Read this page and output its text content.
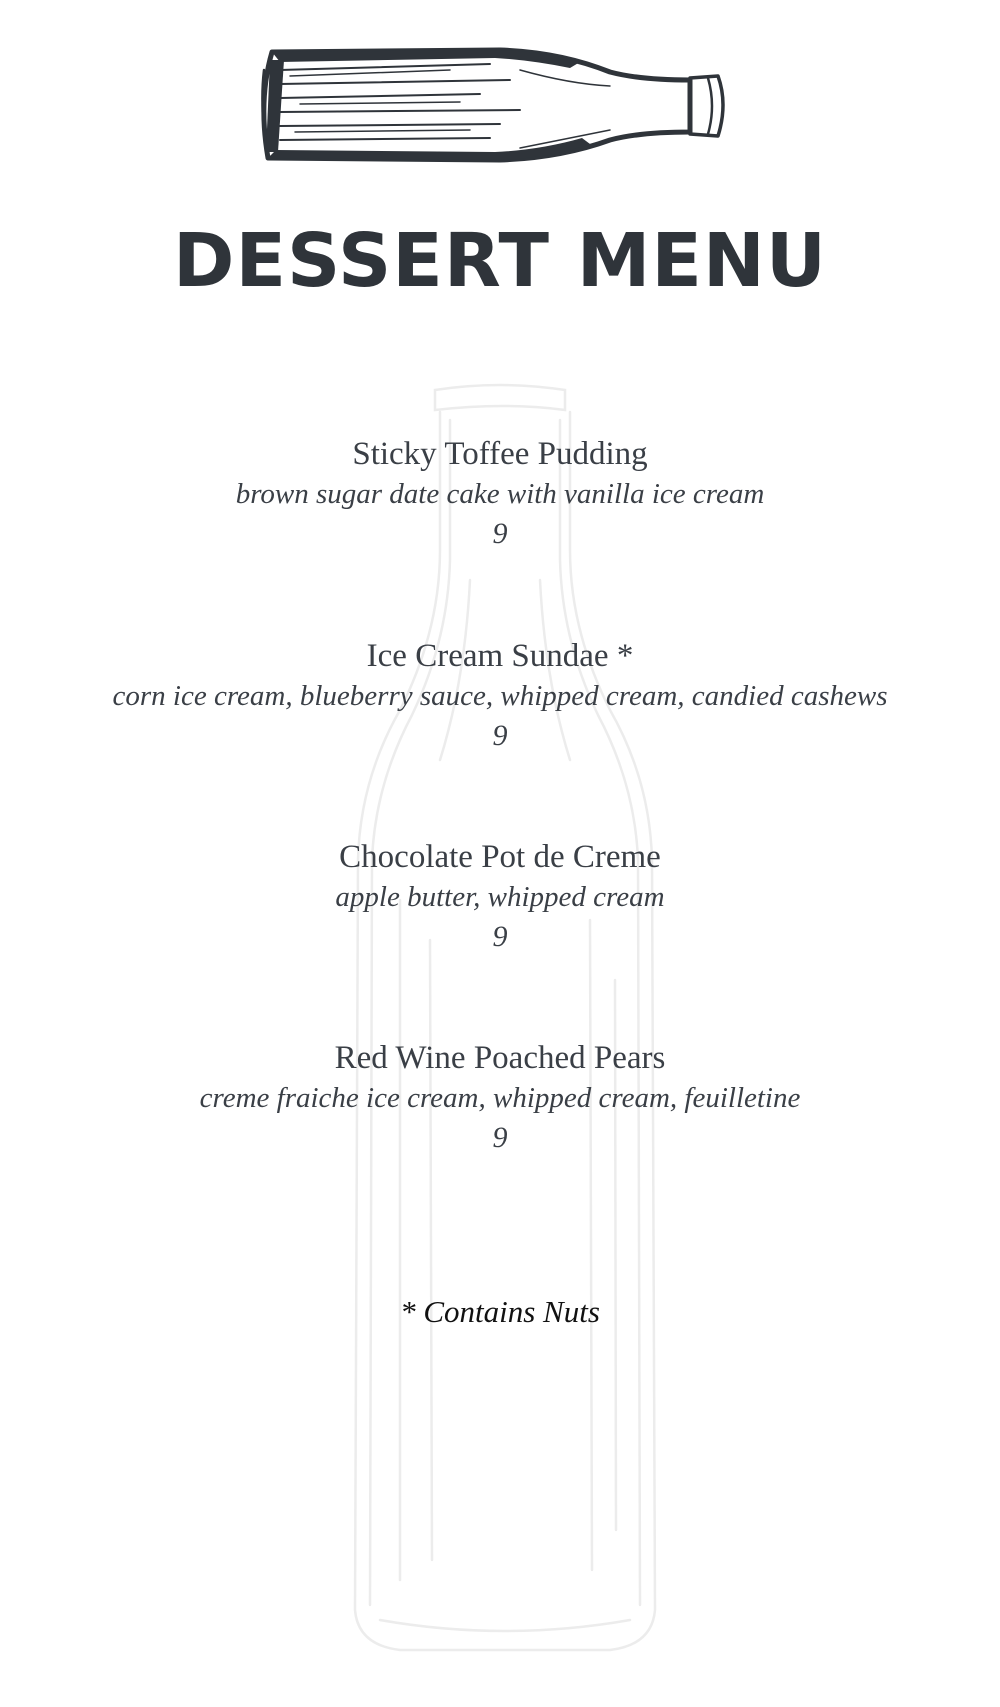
DESSERT MENU
Sticky Toffee Pudding
brown sugar date cake with vanilla ice cream
9
Ice Cream Sundae *
corn ice cream, blueberry sauce, whipped cream, candied cashews
9
Chocolate Pot de Creme
apple butter, whipped cream
9
Red Wine Poached Pears
creme fraiche ice cream, whipped cream, feuilletine
9
* Contains Nuts
